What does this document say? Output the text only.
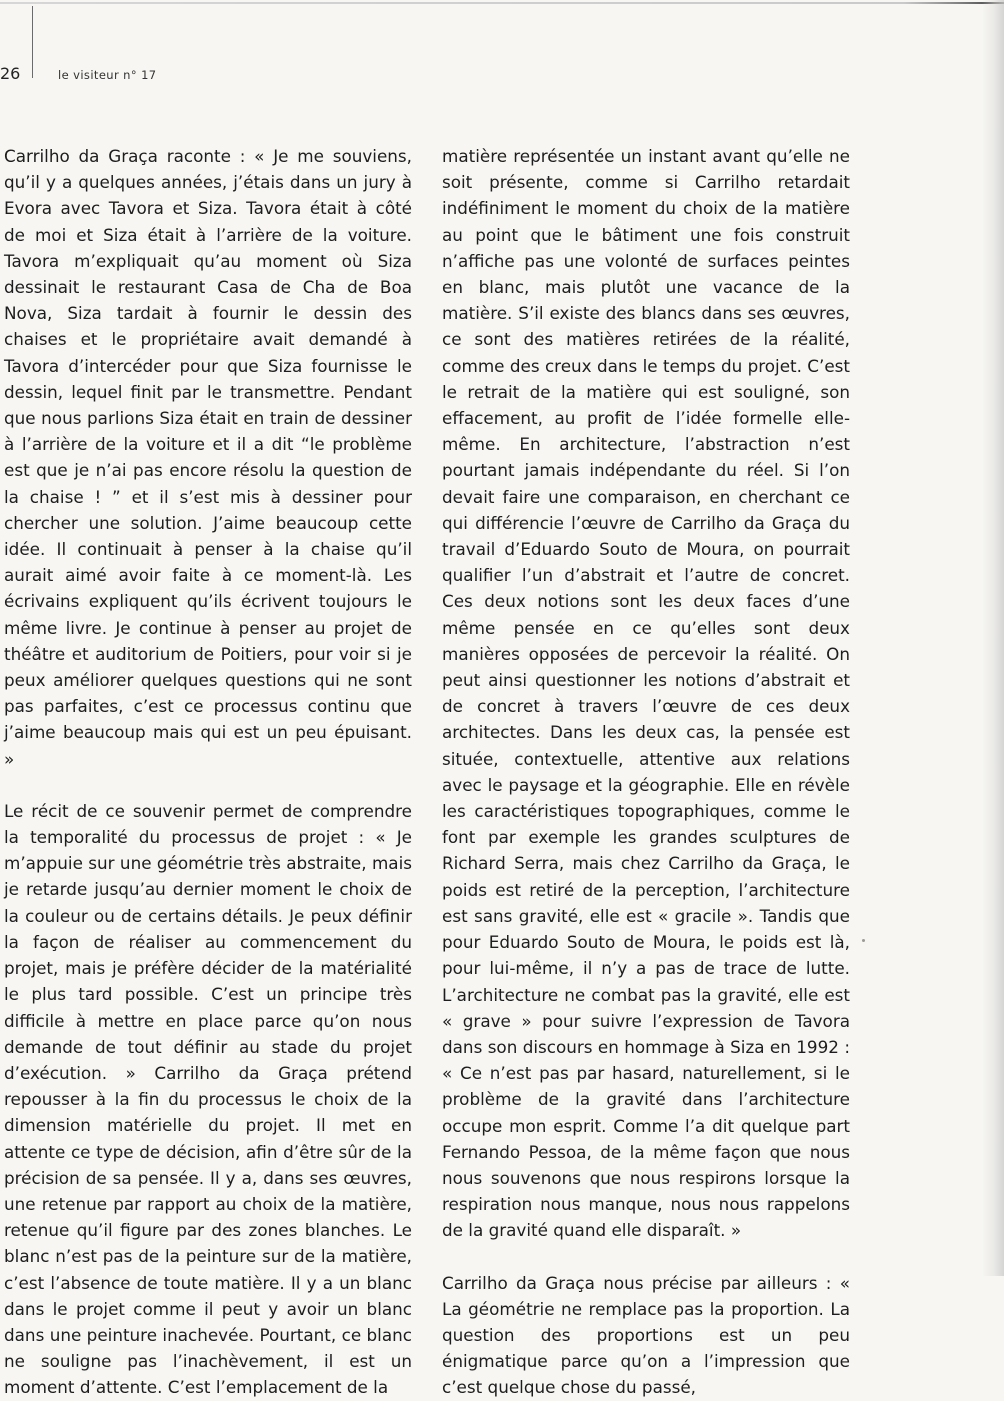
26	le visiteur n° 17

Carrilho da Graça raconte : « Je me souviens, qu’il y a quelques années, j’étais dans un jury à Evora avec Tavora et Siza. Tavora était à côté de moi et Siza était à l’arrière de la voiture. Tavora m’expliquait qu’au moment où Siza dessinait le restaurant Casa de Cha de Boa Nova, Siza tardait à fournir le dessin des chaises et le propriétaire avait demandé à Tavora d’intercéder pour que Siza fournisse le dessin, lequel finit par le transmettre. Pendant que nous parlions Siza était en train de dessiner à l’arrière de la voiture et il a dit “le problème est que je n’ai pas encore résolu la question de la chaise ! ” et il s’est mis à dessiner pour chercher une solution. J’aime beaucoup cette idée. Il continuait à penser à la chaise qu’il aurait aimé avoir faite à ce moment-là. Les écrivains expliquent qu’ils écrivent toujours le même livre. Je continue à penser au projet de théâtre et auditorium de Poitiers, pour voir si je peux améliorer quelques questions qui ne sont pas parfaites, c’est ce processus continu que j’aime beaucoup mais qui est un peu épuisant. »

Le récit de ce souvenir permet de comprendre la temporalité du processus de projet : « Je m’appuie sur une géométrie très abstraite, mais je retarde jusqu’au dernier moment le choix de la couleur ou de certains détails. Je peux définir la façon de réaliser au commencement du projet, mais je préfère décider de la matérialité le plus tard possible. C’est un principe très difficile à mettre en place parce qu’on nous demande de tout définir au stade du projet d’exécution. » Carrilho da Graça prétend repousser à la fin du processus le choix de la dimension matérielle du projet. Il met en attente ce type de décision, afin d’être sûr de la précision de sa pensée. Il y a, dans ses œuvres, une retenue par rapport au choix de la matière, retenue qu’il figure par des zones blanches. Le blanc n’est pas de la peinture sur de la matière, c’est l’absence de toute matière. Il y a un blanc dans le projet comme il peut y avoir un blanc dans une peinture inachevée. Pourtant, ce blanc ne souligne pas l’inachèvement, il est un moment d’attente. C’est l’emplacement de la

matière représentée un instant avant qu’elle ne soit présente, comme si Carrilho retardait indéfiniment le moment du choix de la matière au point que le bâtiment une fois construit n’affiche pas une volonté de surfaces peintes en blanc, mais plutôt une vacance de la matière. S’il existe des blancs dans ses œuvres, ce sont des matières retirées de la réalité, comme des creux dans le temps du projet. C’est le retrait de la matière qui est souligné, son effacement, au profit de l’idée formelle elle-même. En architecture, l’abstraction n’est pourtant jamais indépendante du réel. Si l’on devait faire une comparaison, en cherchant ce qui différencie l’œuvre de Carrilho da Graça du travail d’Eduardo Souto de Moura, on pourrait qualifier l’un d’abstrait et l’autre de concret. Ces deux notions sont les deux faces d’une même pensée en ce qu’elles sont deux manières opposées de percevoir la réalité. On peut ainsi questionner les notions d’abstrait et de concret à travers l’œuvre de ces deux architectes. Dans les deux cas, la pensée est située, contextuelle, attentive aux relations avec le paysage et la géographie. Elle en révèle les caractéristiques topographiques, comme le font par exemple les grandes sculptures de Richard Serra, mais chez Carrilho da Graça, le poids est retiré de la perception, l’architecture est sans gravité, elle est « gracile ». Tandis que pour Eduardo Souto de Moura, le poids est là, pour lui-même, il n’y a pas de trace de lutte. L’architecture ne combat pas la gravité, elle est « grave » pour suivre l’expression de Tavora dans son discours en hommage à Siza en 1992 : « Ce n’est pas par hasard, naturellement, si le problème de la gravité dans l’architecture occupe mon esprit. Comme l’a dit quelque part Fernando Pessoa, de la même façon que nous nous souvenons que nous respirons lorsque la respiration nous manque, nous nous rappelons de la gravité quand elle disparaît. »

Carrilho da Graça nous précise par ailleurs : « La géométrie ne remplace pas la proportion. La question des proportions est un peu énigmatique parce qu’on a l’impression que c’est quelque chose du passé,
